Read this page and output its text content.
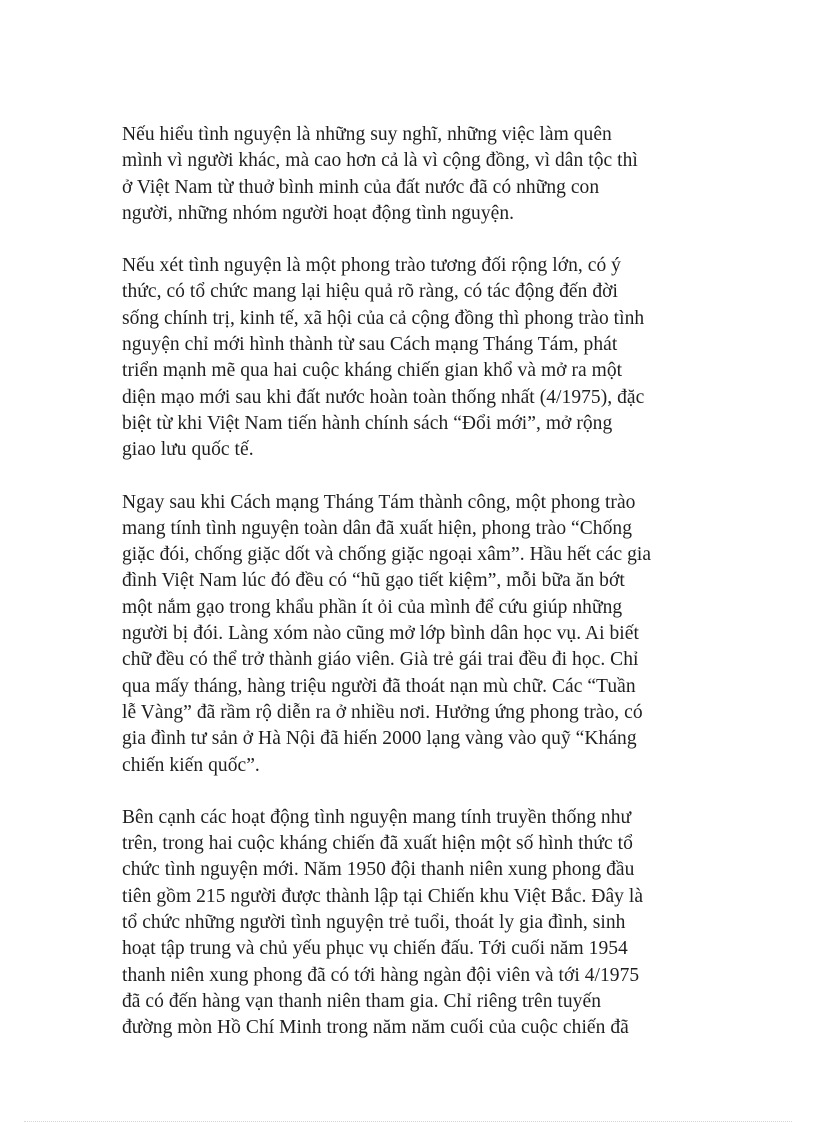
Nếu hiểu tình nguyện là những suy nghĩ, những việc làm quên
mình vì người khác, mà cao hơn cả là vì cộng đồng, vì dân tộc thì
ở Việt Nam từ thuở bình minh của đất nước đã có những con
người, những nhóm người hoạt động tình nguyện.

Nếu xét tình nguyện là một phong trào tương đối rộng lớn, có ý
thức, có tổ chức mang lại hiệu quả rõ ràng, có tác động đến đời
sống chính trị, kinh tế, xã hội của cả cộng đồng thì phong trào tình
nguyện chỉ mới hình thành từ sau Cách mạng Tháng Tám, phát
triển mạnh mẽ qua hai cuộc kháng chiến gian khổ và mở ra một
diện mạo mới sau khi đất nước hoàn toàn thống nhất (4/1975), đặc
biệt từ khi Việt Nam tiến hành chính sách “Đổi mới”, mở rộng
giao lưu quốc tế.

Ngay sau khi Cách mạng Tháng Tám thành công, một phong trào
mang tính tình nguyện toàn dân đã xuất hiện, phong trào “Chống
giặc đói, chống giặc dốt và chống giặc ngoại xâm”. Hầu hết các gia
đình Việt Nam lúc đó đều có “hũ gạo tiết kiệm”, mỗi bữa ăn bớt
một nắm gạo trong khẩu phần ít ỏi của mình để cứu giúp những
người bị đói. Làng xóm nào cũng mở lớp bình dân học vụ. Ai biết
chữ đều có thể trở thành giáo viên. Già trẻ gái trai đều đi học. Chỉ
qua mấy tháng, hàng triệu người đã thoát nạn mù chữ. Các “Tuần
lễ Vàng” đã rầm rộ diễn ra ở nhiều nơi. Hưởng ứng phong trào, có
gia đình tư sản ở Hà Nội đã hiến 2000 lạng vàng vào quỹ “Kháng
chiến kiến quốc”.

Bên cạnh các hoạt động tình nguyện mang tính truyền thống như
trên, trong hai cuộc kháng chiến đã xuất hiện một số hình thức tổ
chức tình nguyện mới. Năm 1950 đội thanh niên xung phong đầu
tiên gồm 215 người được thành lập tại Chiến khu Việt Bắc. Đây là
tổ chức những người tình nguyện trẻ tuổi, thoát ly gia đình, sinh
hoạt tập trung và chủ yếu phục vụ chiến đấu. Tới cuối năm 1954
thanh niên xung phong đã có tới hàng ngàn đội viên và tới 4/1975
đã có đến hàng vạn thanh niên tham gia. Chỉ riêng trên tuyến
đường mòn Hồ Chí Minh trong năm năm cuối của cuộc chiến đã
